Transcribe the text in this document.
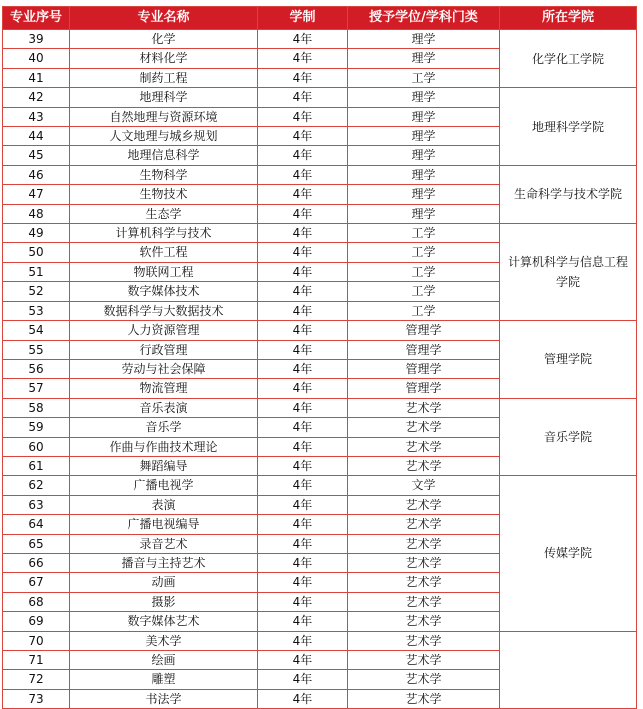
专业序号	专业名称	学制	授予学位/学科门类	所在学院
39	化学	4年	理学	化学化工学院
40	材料化学	4年	理学	
41	制药工程	4年	工学	
42	地理科学	4年	理学	地理科学学院
43	自然地理与资源环境	4年	理学	
44	人文地理与城乡规划	4年	理学	
45	地理信息科学	4年	理学	
46	生物科学	4年	理学	生命科学与技术学院
47	生物技术	4年	理学	
48	生态学	4年	理学	
49	计算机科学与技术	4年	工学	计算机科学与信息工程学院
50	软件工程	4年	工学	
51	物联网工程	4年	工学	
52	数字媒体技术	4年	工学	
53	数据科学与大数据技术	4年	工学	
54	人力资源管理	4年	管理学	管理学院
55	行政管理	4年	管理学	
56	劳动与社会保障	4年	管理学	
57	物流管理	4年	管理学	
58	音乐表演	4年	艺术学	音乐学院
59	音乐学	4年	艺术学	
60	作曲与作曲技术理论	4年	艺术学	
61	舞蹈编导	4年	艺术学	
62	广播电视学	4年	文学	传媒学院
63	表演	4年	艺术学	
64	广播电视编导	4年	艺术学	
65	录音艺术	4年	艺术学	
66	播音与主持艺术	4年	艺术学	
67	动画	4年	艺术学	
68	摄影	4年	艺术学	
69	数字媒体艺术	4年	艺术学	
70	美术学	4年	艺术学	
71	绘画	4年	艺术学	
72	雕塑	4年	艺术学	
73	书法学	4年	艺术学	
